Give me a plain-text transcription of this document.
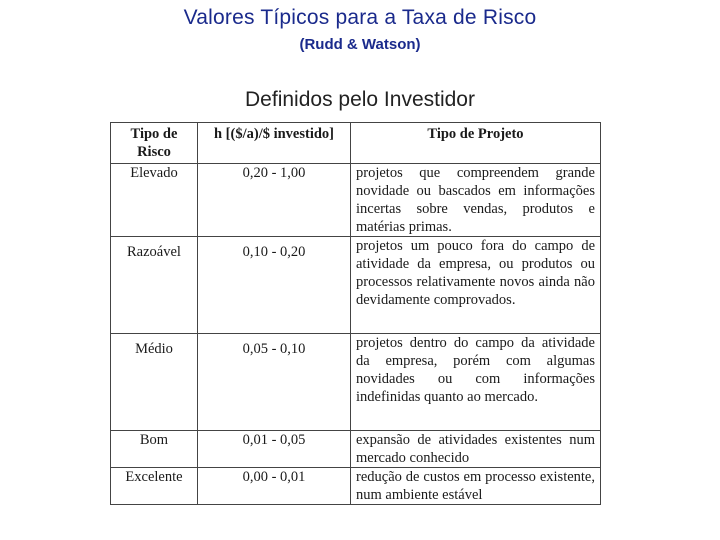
Valores Típicos para a Taxa de Risco
(Rudd & Watson)
Definidos pelo Investidor
Tipo de Risco	h [($/a)/$ investido]	Tipo de Projeto
Elevado	0,20 - 1,00	projetos que compreendem grande novidade ou bascados em informações incertas sobre vendas, produtos e matérias primas.
Razoável	0,10 - 0,20	projetos um pouco fora do campo de atividade da empresa, ou produtos ou processos relativamente novos ainda não devidamente comprovados.
Médio	0,05 - 0,10	projetos dentro do campo da atividade da empresa, porém com algumas novidades ou com informações indefinidas quanto ao mercado.
Bom	0,01 - 0,05	expansão de atividades existentes num mercado conhecido
Excelente	0,00 - 0,01	redução de custos em processo existente, num ambiente estável
